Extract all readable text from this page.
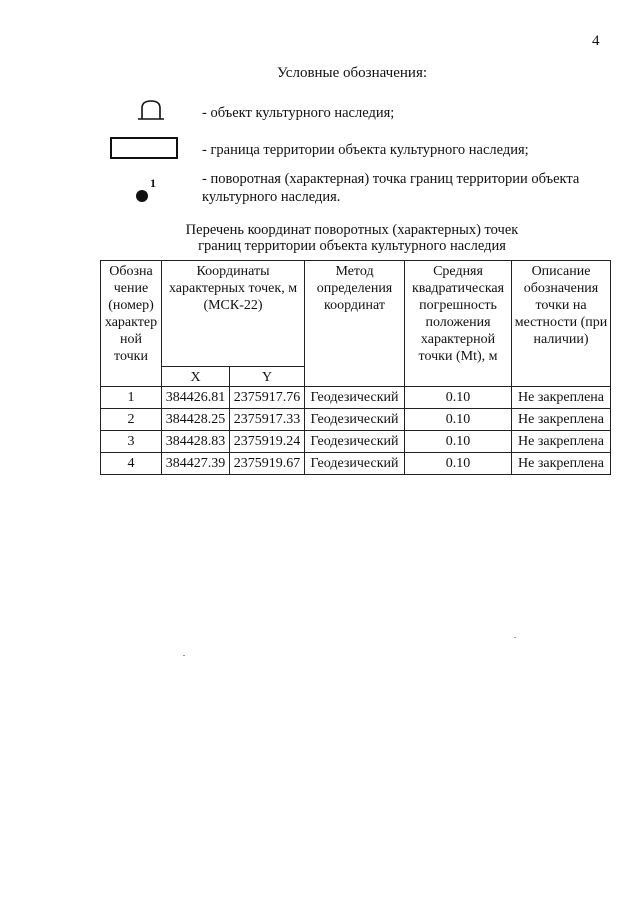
4
Условные обозначения:
- объект культурного наследия;
- граница территории объекта культурного наследия;
1	- поворотная (характерная) точка границ территории объекта культурного наследия.
Перечень координат поворотных (характерных) точек
границ территории объекта культурного наследия
Обозна чение (номер) характер ной точки	Координаты характерных точек, м (МСК-22)		Метод определения координат	Средняя квадратическая погрешность положения характерной точки (Mt), м	Описание обозначения точки на местности (при наличии)
	X	Y			
1	384426.81	2375917.76	Геодезический	0.10	Не закреплена
2	384428.25	2375917.33	Геодезический	0.10	Не закреплена
3	384428.83	2375919.24	Геодезический	0.10	Не закреплена
4	384427.39	2375919.67	Геодезический	0.10	Не закреплена
